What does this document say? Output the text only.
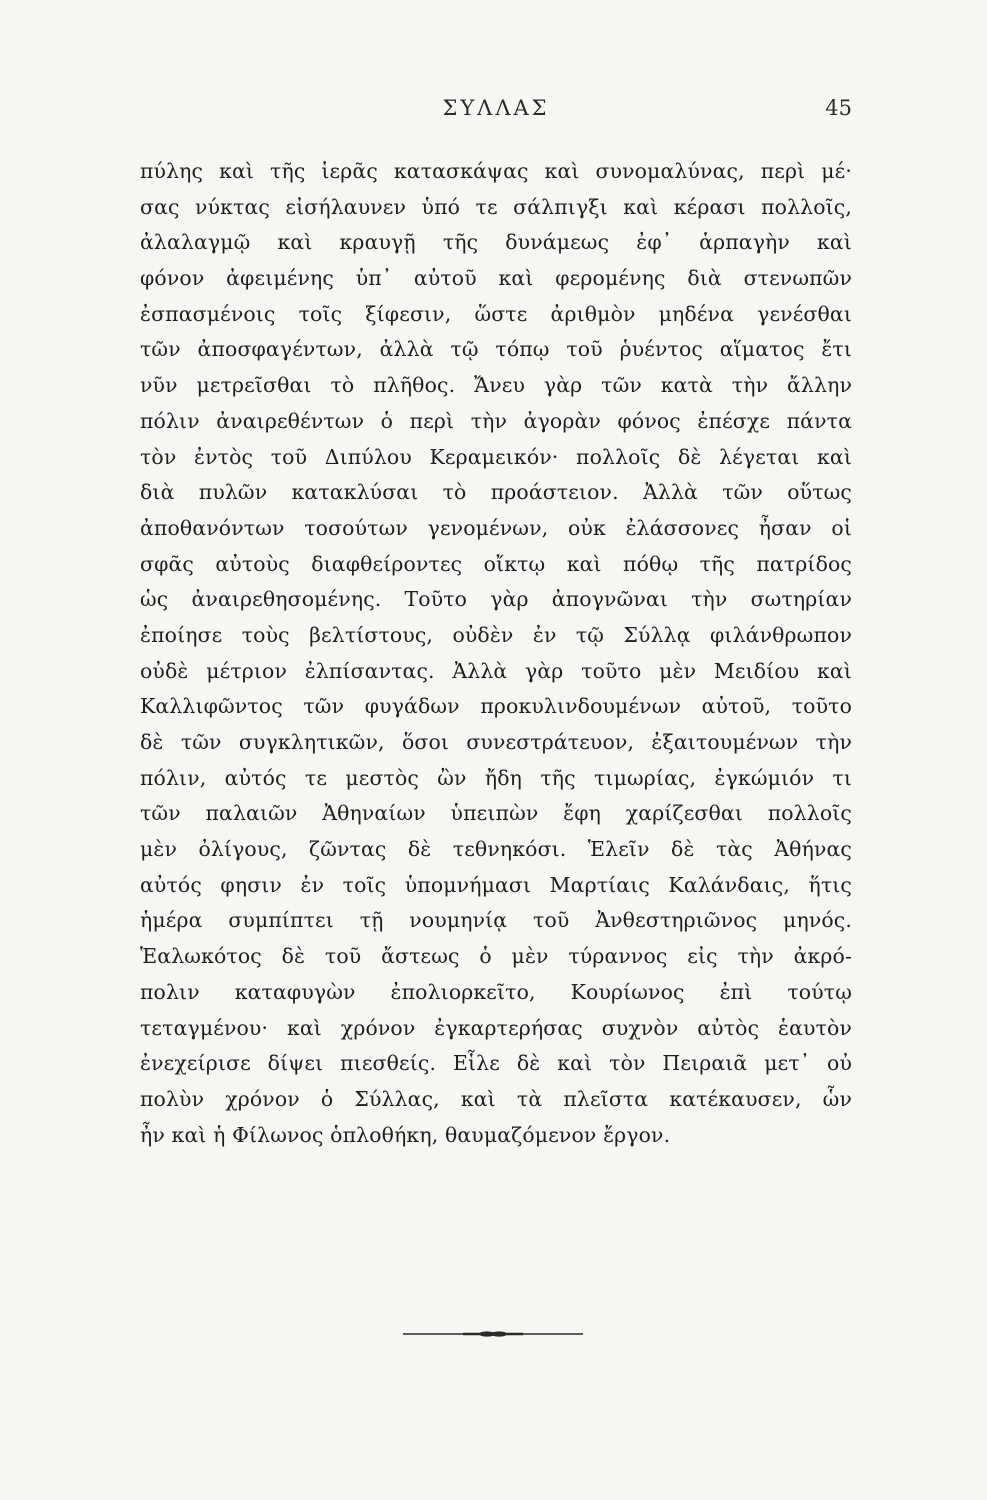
ΣΥΛΛΑΣ	45
πύλης καὶ τῆς ἱερᾶς κατασκάψας καὶ συνομαλύνας, περὶ μέ·
σας νύκτας εἰσήλαυνεν ὑπό τε σάλπιγξι καὶ κέρασι πολλοῖς,
ἀλαλαγμῷ καὶ κραυγῇ τῆς δυνάμεως ἐφ᾽ ἁρπαγὴν καὶ
φόνον ἀφειμένης ὑπ᾽ αὐτοῦ καὶ φερομένης διὰ στενωπῶν
ἐσπασμένοις τοῖς ξίφεσιν, ὥστε ἀριθμὸν μηδένα γενέσθαι
τῶν ἀποσφαγέντων, ἀλλὰ τῷ τόπῳ τοῦ ῥυέντος αἵματος ἔτι
νῦν μετρεῖσθαι τὸ πλῆθος. Ἄνευ γὰρ τῶν κατὰ τὴν ἄλλην
πόλιν ἀναιρεθέντων ὁ περὶ τὴν ἀγορὰν φόνος ἐπέσχε πάντα
τὸν ἐντὸς τοῦ Διπύλου Κεραμεικόν· πολλοῖς δὲ λέγεται καὶ
διὰ πυλῶν κατακλύσαι τὸ προάστειον. Ἀλλὰ τῶν οὕτως
ἀποθανόντων τοσούτων γενομένων, οὐκ ἐλάσσονες ἦσαν οἱ
σφᾶς αὐτοὺς διαφθείροντες οἴκτῳ καὶ πόθῳ τῆς πατρίδος
ὡς ἀναιρεθησομένης. Τοῦτο γὰρ ἀπογνῶναι τὴν σωτηρίαν
ἐποίησε τοὺς βελτίστους, οὐδὲν ἐν τῷ Σύλλᾳ φιλάνθρωπον
οὐδὲ μέτριον ἐλπίσαντας. Ἀλλὰ γὰρ τοῦτο μὲν Μειδίου καὶ
Καλλιφῶντος τῶν φυγάδων προκυλινδουμένων αὐτοῦ, τοῦτο
δὲ τῶν συγκλητικῶν, ὅσοι συνεστράτευον, ἐξαιτουμένων τὴν
πόλιν, αὐτός τε μεστὸς ὢν ἤδη τῆς τιμωρίας, ἐγκώμιόν τι
τῶν παλαιῶν Ἀθηναίων ὑπειπὼν ἔφη χαρίζεσθαι πολλοῖς
μὲν ὀλίγους, ζῶντας δὲ τεθνηκόσι. Ἑλεῖν δὲ τὰς Ἀθήνας
αὐτός φησιν ἐν τοῖς ὑπομνήμασι Μαρτίαις Καλάνδαις, ἥτις
ἡμέρα συμπίπτει τῇ νουμηνίᾳ τοῦ Ἀνθεστηριῶνος μηνός.
Ἑαλωκότος δὲ τοῦ ἄστεως ὁ μὲν τύραννος εἰς τὴν ἀκρό-
πολιν καταφυγὼν ἐπολιορκεῖτο, Κουρίωνος ἐπὶ τούτῳ
τεταγμένου· καὶ χρόνον ἐγκαρτερήσας συχνὸν αὐτὸς ἑαυτὸν
ἐνεχείρισε δίψει πιεσθείς. Εἷλε δὲ καὶ τὸν Πειραιᾶ μετ᾽ οὐ
πολὺν χρόνον ὁ Σύλλας, καὶ τὰ πλεῖστα κατέκαυσεν, ὧν
ἦν καὶ ἡ Φίλωνος ὁπλοθήκη, θαυμαζόμενον ἔργον.
